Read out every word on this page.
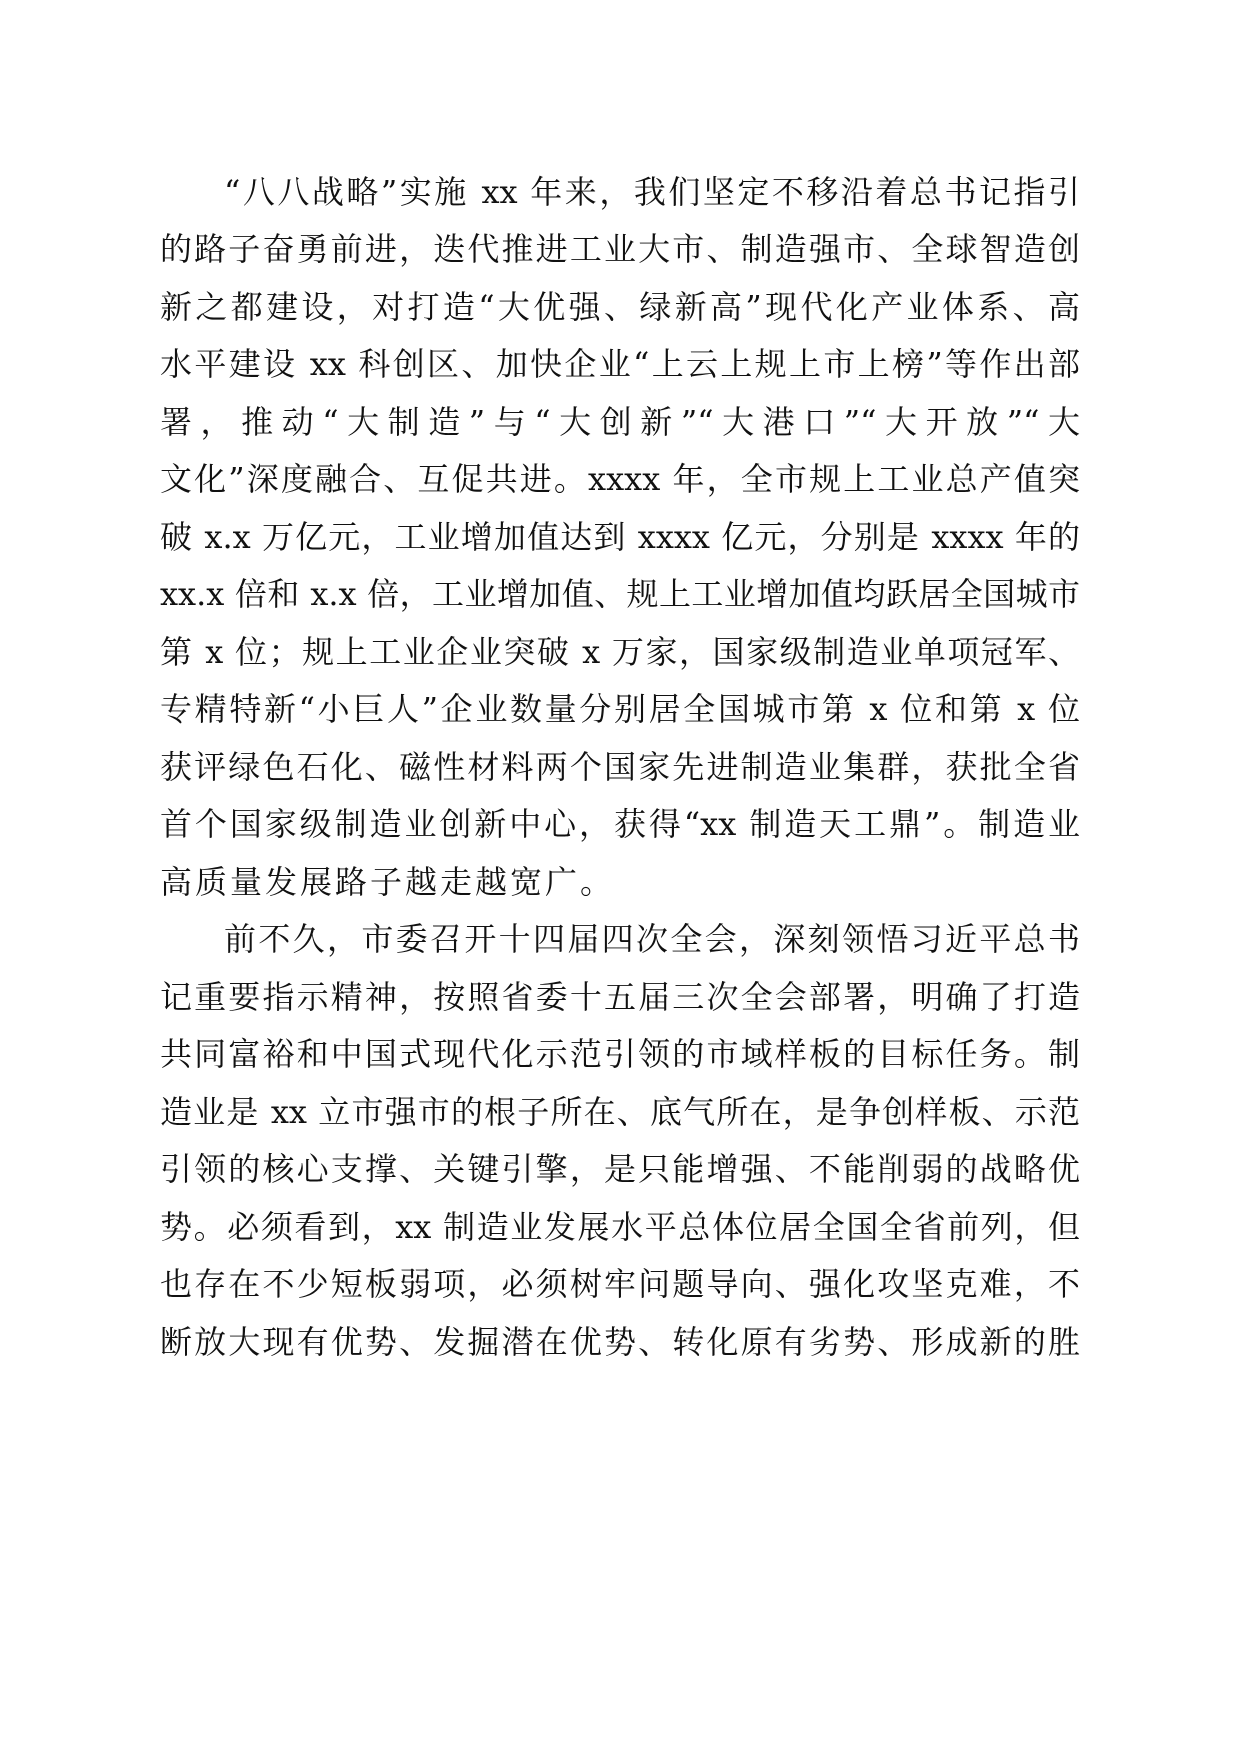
“八八战略”实施 xx 年来，我们坚定不移沿着总书记指引
的路子奋勇前进，迭代推进工业大市、制造强市、全球智造创
新之都建设，对打造“大优强、绿新高”现代化产业体系、高
水平建设 xx 科创区、加快企业“上云上规上市上榜”等作出部
署，推动“大制造”与“大创新”“大港口”“大开放”“大
文化”深度融合、互促共进。xxxx 年，全市规上工业总产值突
破 x.x 万亿元，工业增加值达到 xxxx 亿元，分别是 xxxx 年的
xx.x 倍和 x.x 倍，工业增加值、规上工业增加值均跃居全国城市
第 x 位；规上工业企业突破 x 万家，国家级制造业单项冠军、
专精特新“小巨人”企业数量分别居全国城市第 x 位和第 x 位
获评绿色石化、磁性材料两个国家先进制造业集群，获批全省
首个国家级制造业创新中心，获得“xx 制造天工鼎”。制造业
高质量发展路子越走越宽广。
前不久，市委召开十四届四次全会，深刻领悟习近平总书
记重要指示精神，按照省委十五届三次全会部署，明确了打造
共同富裕和中国式现代化示范引领的市域样板的目标任务。制
造业是 xx 立市强市的根子所在、底气所在，是争创样板、示范
引领的核心支撑、关键引擎，是只能增强、不能削弱的战略优
势。必须看到，xx 制造业发展水平总体位居全国全省前列，但
也存在不少短板弱项，必须树牢问题导向、强化攻坚克难，不
断放大现有优势、发掘潜在优势、转化原有劣势、形成新的胜
